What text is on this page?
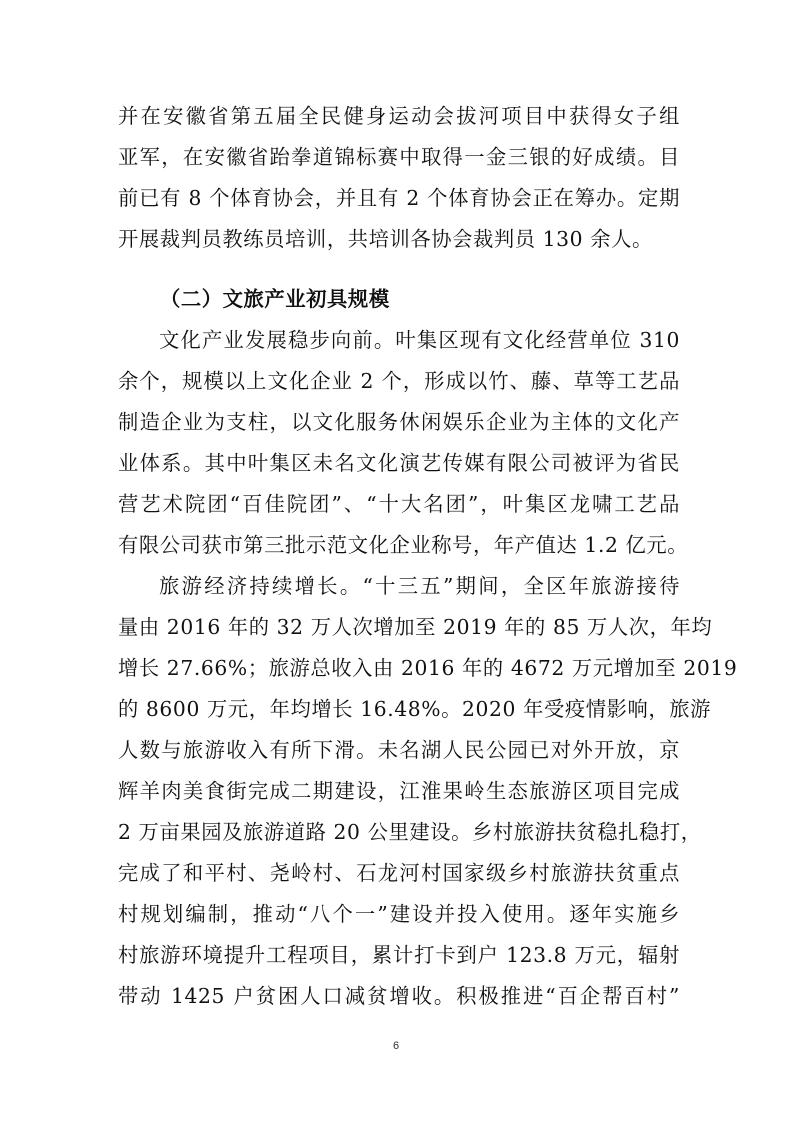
并在安徽省第五届全民健身运动会拔河项目中获得女子组
亚军，在安徽省跆拳道锦标赛中取得一金三银的好成绩。目
前已有 8 个体育协会，并且有 2 个体育协会正在筹办。定期
开展裁判员教练员培训，共培训各协会裁判员 130 余人。
（二）文旅产业初具规模
文化产业发展稳步向前。叶集区现有文化经营单位 310
余个，规模以上文化企业 2 个，形成以竹、藤、草等工艺品
制造企业为支柱，以文化服务休闲娱乐企业为主体的文化产
业体系。其中叶集区未名文化演艺传媒有限公司被评为省民
营艺术院团“百佳院团”、“十大名团”，叶集区龙啸工艺品
有限公司获市第三批示范文化企业称号，年产值达 1.2 亿元。
旅游经济持续增长。“十三五”期间，全区年旅游接待
量由 2016 年的 32 万人次增加至 2019 年的 85 万人次，年均
增长 27.66%；旅游总收入由 2016 年的 4672 万元增加至 2019
的 8600 万元，年均增长 16.48%。2020 年受疫情影响，旅游
人数与旅游收入有所下滑。未名湖人民公园已对外开放，京
辉羊肉美食街完成二期建设，江淮果岭生态旅游区项目完成
2 万亩果园及旅游道路 20 公里建设。乡村旅游扶贫稳扎稳打，
完成了和平村、尧岭村、石龙河村国家级乡村旅游扶贫重点
村规划编制，推动“八个一”建设并投入使用。逐年实施乡
村旅游环境提升工程项目，累计打卡到户 123.8 万元，辐射
带动 1425 户贫困人口减贫增收。积极推进“百企帮百村”
6
